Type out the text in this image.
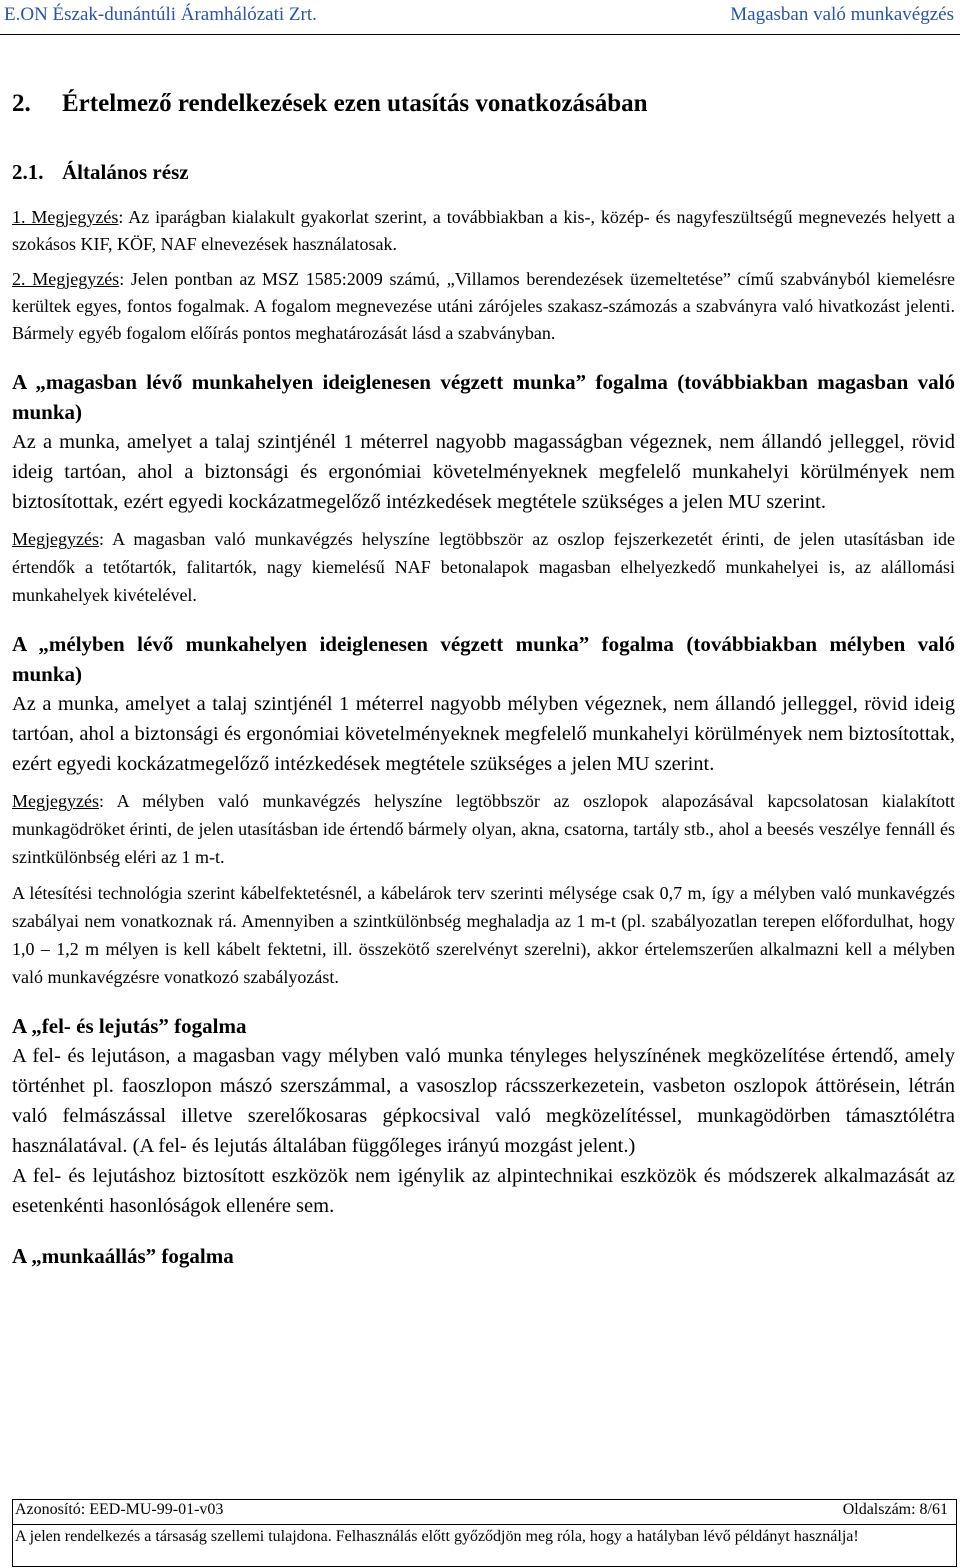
E.ON Észak-dunántúli Áramhálózati Zrt.	Magasban való munkavégzés
2. Értelmező rendelkezések ezen utasítás vonatkozásában
2.1. Általános rész

1. Megjegyzés: Az iparágban kialakult gyakorlat szerint, a továbbiakban a kis-, közép- és nagyfeszültségű megnevezés helyett a szokásos KIF, KÖF, NAF elnevezések használatosak.

2. Megjegyzés: Jelen pontban az MSZ 1585:2009 számú, „Villamos berendezések üzemeltetése” című szabványból kiemelésre kerültek egyes, fontos fogalmak. A fogalom megnevezése utáni zárójeles szakasz-számozás a szabványra való hivatkozást jelenti. Bármely egyéb fogalom előírás pontos meghatározását lásd a szabványban.

A „magasban lévő munkahelyen ideiglenesen végzett munka” fogalma (továbbiakban magasban való munka)

Az a munka, amelyet a talaj szintjénél 1 méterrel nagyobb magasságban végeznek, nem állandó jelleggel, rövid ideig tartóan, ahol a biztonsági és ergonómiai követelményeknek megfelelő munkahelyi körülmények nem biztosítottak, ezért egyedi kockázatmegelőző intézkedések megtétele szükséges a jelen MU szerint.

Megjegyzés: A magasban való munkavégzés helyszíne legtöbbször az oszlop fejszerkezetét érinti, de jelen utasításban ide értendők a tetőtartók, falitartók, nagy kiemelésű NAF betonalapok magasban elhelyezkedő munkahelyei is, az alállomási munkahelyek kivételével.

A „mélyben lévő munkahelyen ideiglenesen végzett munka” fogalma (továbbiakban mélyben való munka)

Az a munka, amelyet a talaj szintjénél 1 méterrel nagyobb mélyben végeznek, nem állandó jelleggel, rövid ideig tartóan, ahol a biztonsági és ergonómiai követelményeknek megfelelő munkahelyi körülmények nem biztosítottak, ezért egyedi kockázatmegelőző intézkedések megtétele szükséges a jelen MU szerint.

Megjegyzés: A mélyben való munkavégzés helyszíne legtöbbször az oszlopok alapozásával kapcsolatosan kialakított munkagödröket érinti, de jelen utasításban ide értendő bármely olyan, akna, csatorna, tartály stb., ahol a beesés veszélye fennáll és szintkülönbség eléri az 1 m-t.

A létesítési technológia szerint kábelfektetésnél, a kábelárok terv szerinti mélysége csak 0,7 m, így a mélyben való munkavégzés szabályai nem vonatkoznak rá. Amennyiben a szintkülönbség meghaladja az 1 m-t (pl. szabályozatlan terepen előfordulhat, hogy 1,0 – 1,2 m mélyen is kell kábelt fektetni, ill. összekötő szerelvényt szerelni), akkor értelemszerűen alkalmazni kell a mélyben való munkavégzésre vonatkozó szabályozást.

A „fel- és lejutás” fogalma

A fel- és lejutáson, a magasban vagy mélyben való munka tényleges helyszínének megközelítése értendő, amely történhet pl. faoszlopon mászó szerszámmal, a vasoszlop rácsszerkezetein, vasbeton oszlopok áttörésein, létrán való felmászással illetve szerelőkosaras gépkocsival való megközelítéssel, munkagödörben támasztólétra használatával. (A fel- és lejutás általában függőleges irányú mozgást jelent.)

A fel- és lejutáshoz biztosított eszközök nem igénylik az alpintechnikai eszközök és módszerek alkalmazását az esetenkénti hasonlóságok ellenére sem.

A „munkaállás” fogalma

Azonosító: EED-MU-99-01-v03	Oldalszám: 8/61
A jelen rendelkezés a társaság szellemi tulajdona. Felhasználás előtt győződjön meg róla, hogy a hatályban lévő példányt használja!
